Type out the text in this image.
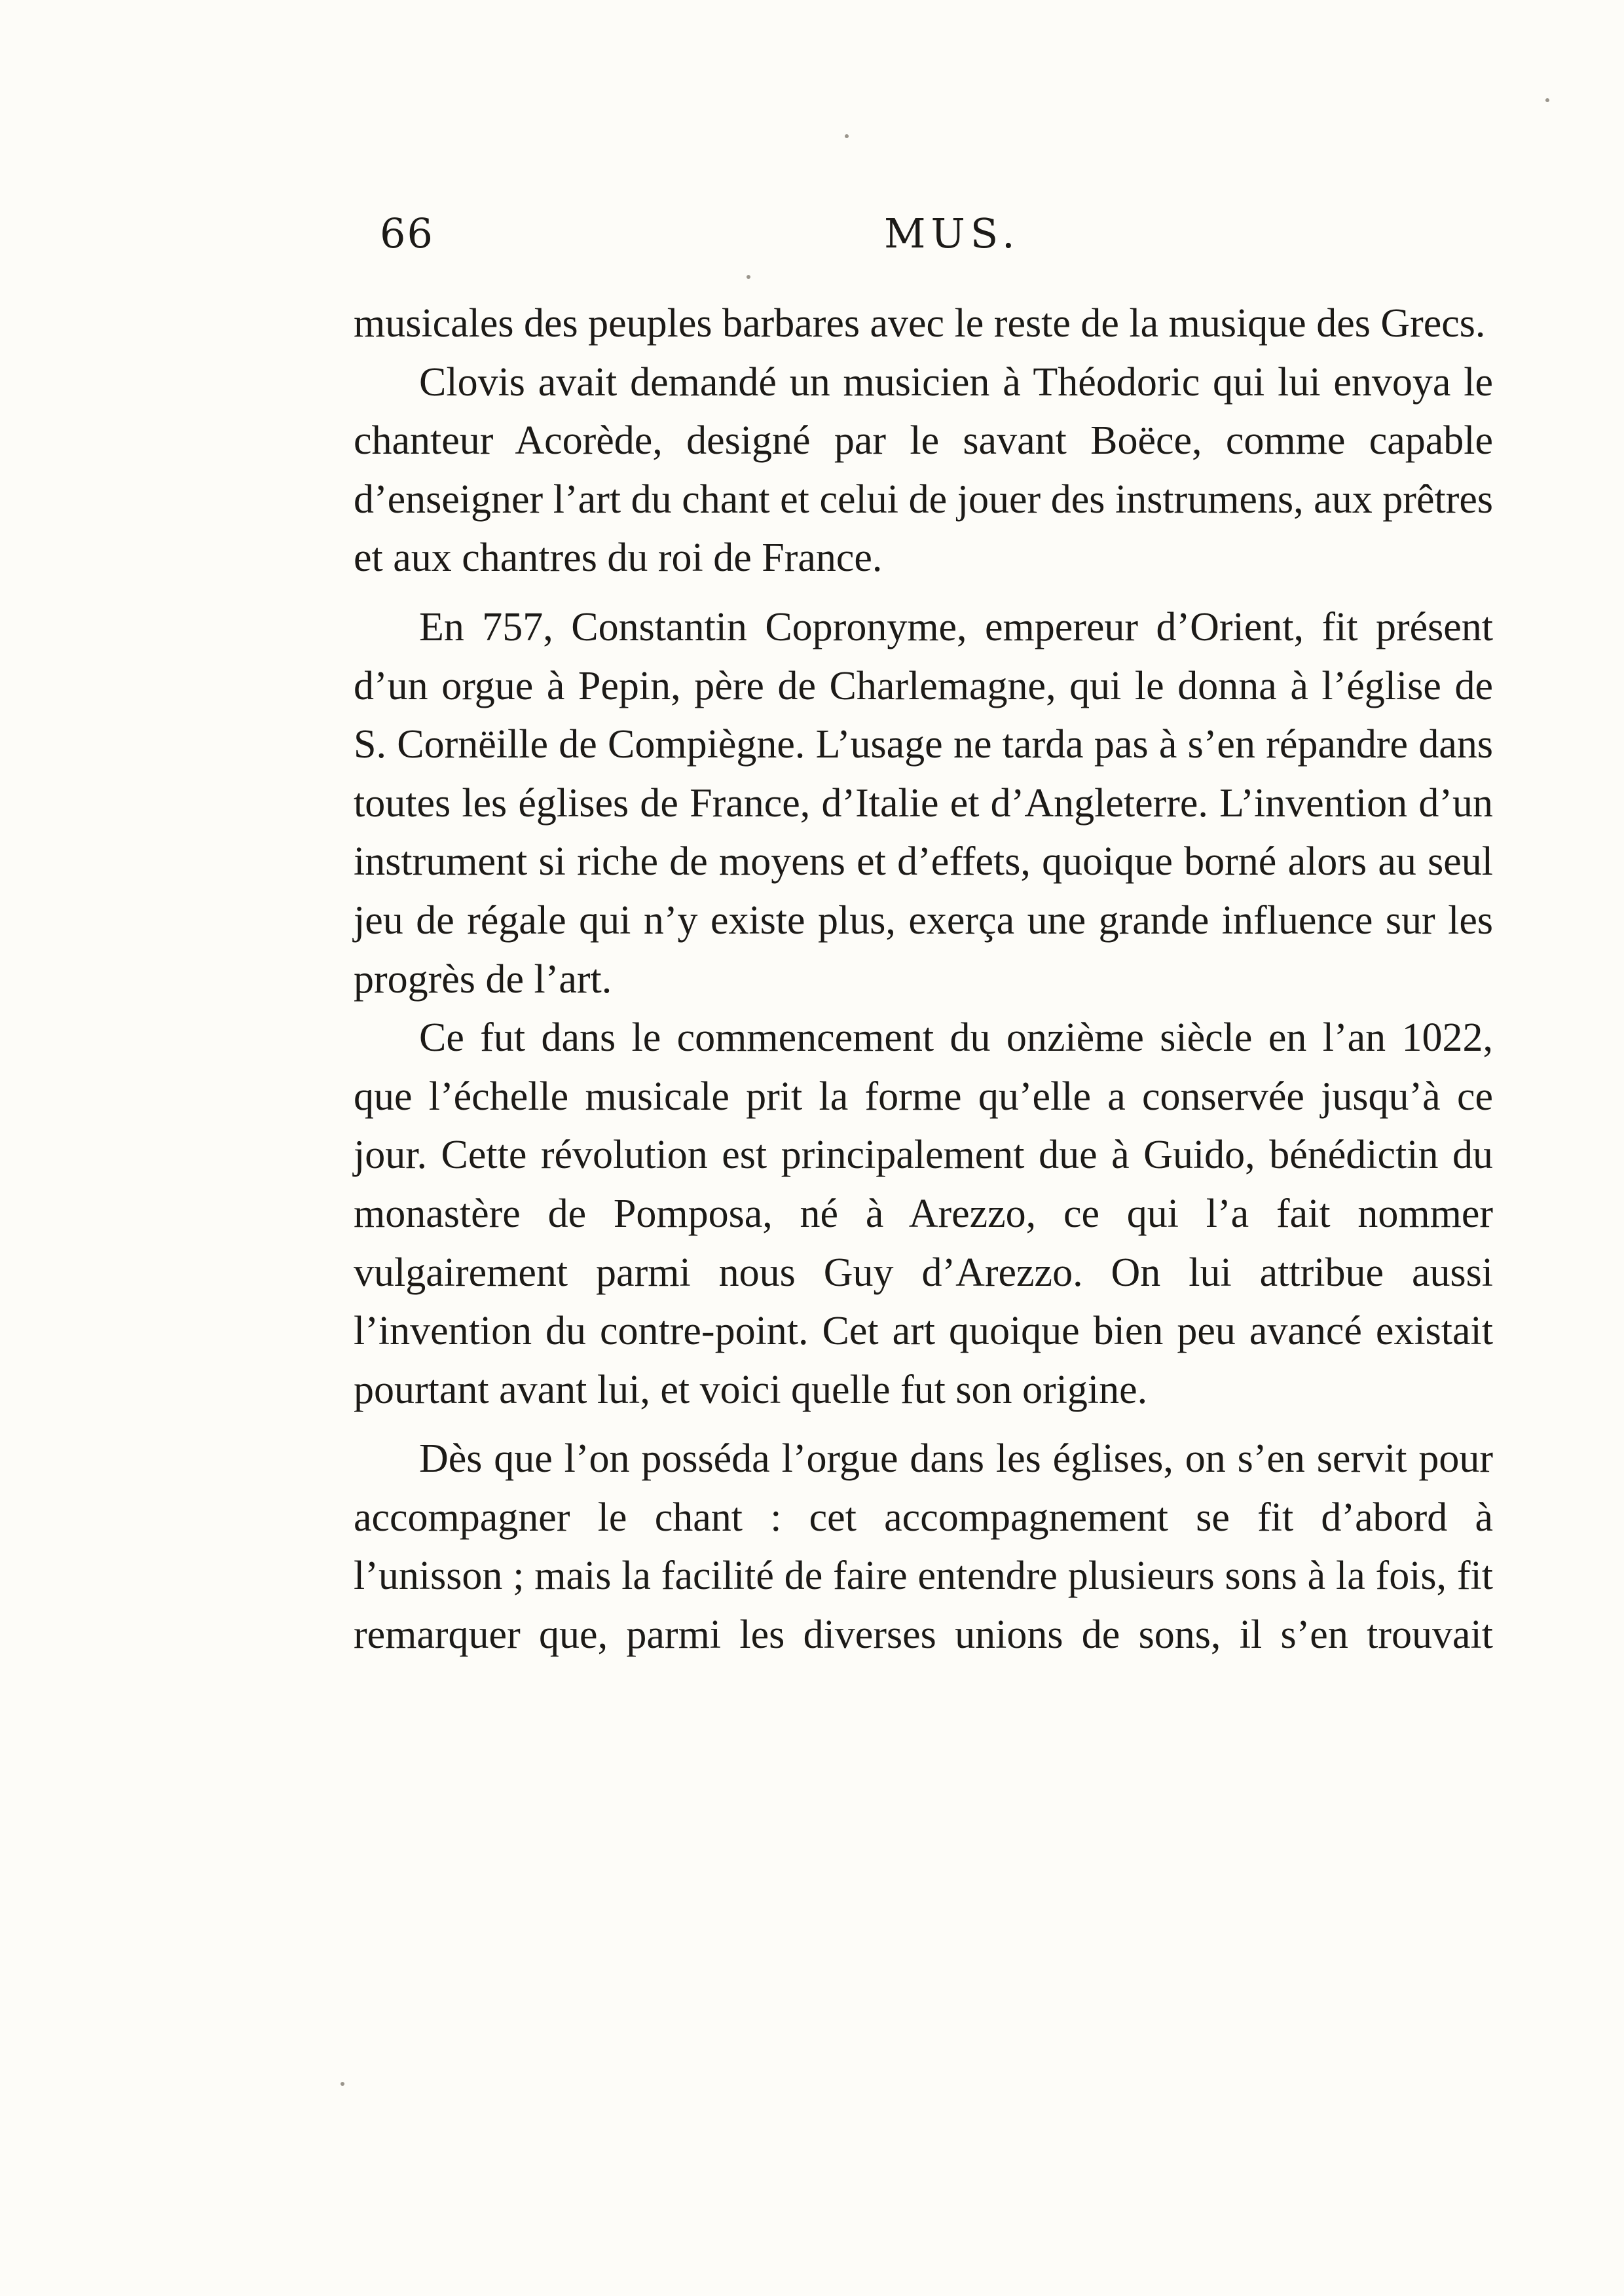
66	MUS.

musicales des peuples barbares avec le reste de la musique des Grecs.

Clovis avait demandé un musicien à Théodoric qui lui envoya le chanteur Acorède, designé par le savant Boëce, comme capable d’enseigner l’art du chant et celui de jouer des instrumens, aux prêtres et aux chantres du roi de France.

En 757, Constantin Copronyme, empereur d’Orient, fit présent d’un orgue à Pepin, père de Charlemagne, qui le donna à l’église de S. Cornëille de Compiègne. L’usage ne tarda pas à s’en répandre dans toutes les églises de France, d’Italie et d’Angleterre. L’invention d’un instrument si riche de moyens et d’effets, quoique borné alors au seul jeu de régale qui n’y existe plus, exerça une grande influence sur les progrès de l’art.

Ce fut dans le commencement du onzième siècle en l’an 1022, que l’échelle musicale prit la forme qu’elle a conservée jusqu’à ce jour. Cette révolution est principalement due à Guido, bénédictin du monastère de Pomposa, né à Arezzo, ce qui l’a fait nommer vulgairement parmi nous Guy d’Arezzo. On lui attribue aussi l’invention du contre-point. Cet art quoique bien peu avancé existait pourtant avant lui, et voici quelle fut son origine.

Dès que l’on posséda l’orgue dans les églises, on s’en servit pour accompagner le chant : cet accompagnement se fit d’abord à l’unisson ; mais la facilité de faire entendre plusieurs sons à la fois, fit remarquer que, parmi les diverses unions de sons, il s’en trouvait
